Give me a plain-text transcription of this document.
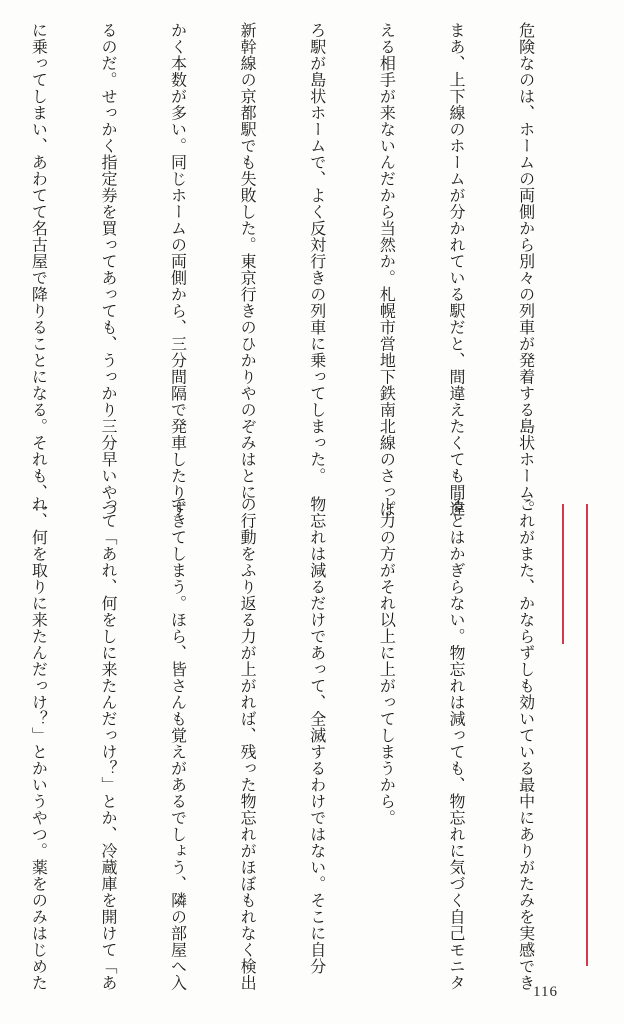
危険なのは、ホームの両側から別々の列車が発着する島状ホーム。

まあ、上下線のホームが分かれている駅だと、間違えたくても間違

える相手が来ないんだから当然か。札幌市営地下鉄南北線のさっぽ

ろ駅が島状ホームで、よく反対行きの列車に乗ってしまった。

新幹線の京都駅でも失敗した。東京行きのひかりやのぞみはとに

かく本数が多い。同じホームの両側から、三分間隔で発車したりす

るのだ。せっかく指定券を買ってあっても、うっかり三分早いやつ

に乗ってしまい、あわてて名古屋で降りることになる。それも、一

これがまた、かならずしも効いている最中にありがたみを実感でき

るとはかぎらない。物忘れは減っても、物忘れに気づく自己モニタ

ー力の方がそれ以上に上がってしまうから。

物忘れは減るだけであって、全滅するわけではない。そこに自分

の行動をふり返る力が上がれば、残った物忘れがほぼもれなく検出

できてしまう。ほら、皆さんも覚えがあるでしょう、隣の部屋へ入

って「あれ、何をしに来たんだっけ？」とか、冷蔵庫を開けて「あ

れ、何を取りに来たんだっけ？」とかいうやつ。薬をのみはじめた

116
